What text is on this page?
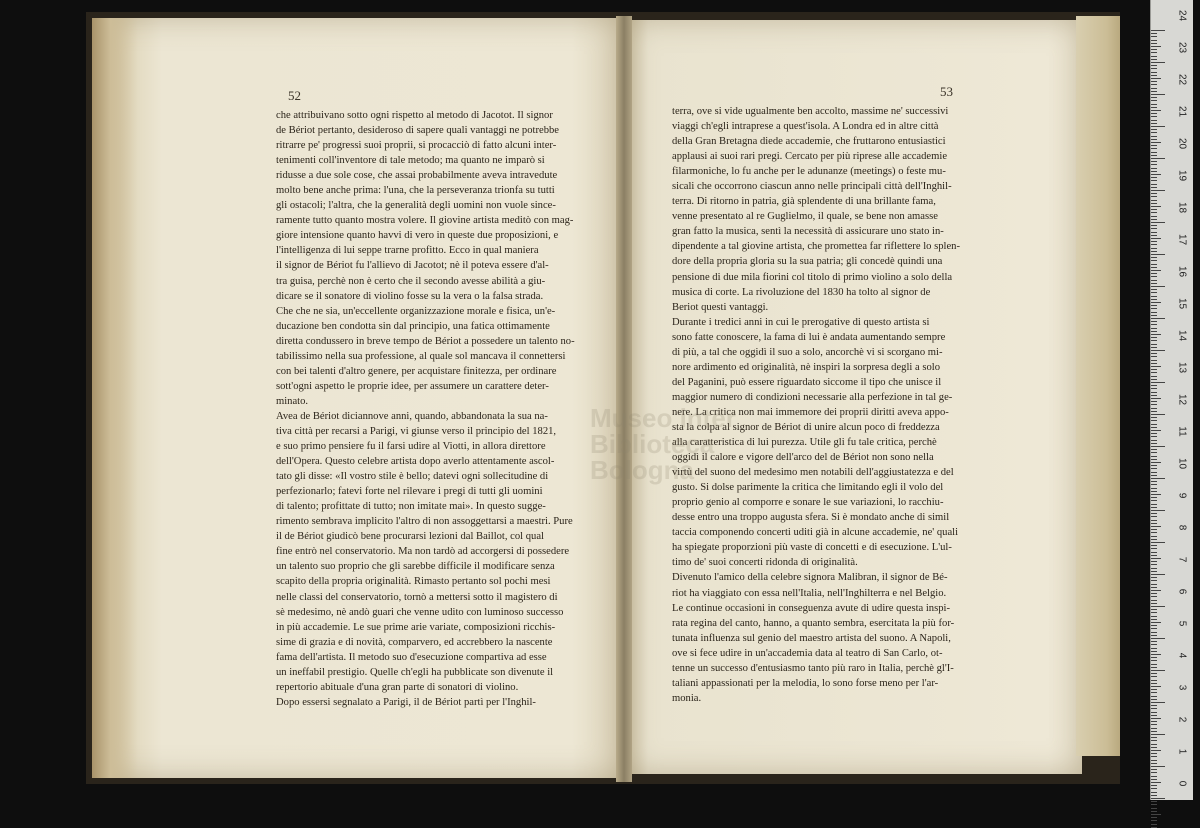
52	53
che attribuivano sotto ogni rispetto al metodo di Jacotot. Il signor
de Bériot pertanto, desideroso di sapere quali vantaggi ne potrebbe
ritrarre pe' progressi suoi proprii, si procacciò di fatto alcuni inter-
tenimenti coll'inventore di tale metodo; ma quanto ne imparò si
ridusse a due sole cose, che assai probabilmente aveva intravedute
molto bene anche prima: l'una, che la perseveranza trionfa su tutti
gli ostacoli; l'altra, che la generalità degli uomini non vuole since-
ramente tutto quanto mostra volere. Il giovine artista meditò con mag-
giore intensione quanto havvi di vero in queste due proposizioni, e
l'intelligenza di lui seppe trarne profitto. Ecco in qual maniera
il signor de Bériot fu l'allievo di Jacotot; nè il poteva essere d'al-
tra guisa, perchè non è certo che il secondo avesse abilità a giu-
dicare se il sonatore di violino fosse su la vera o la falsa strada.
Che che ne sia, un'eccellente organizzazione morale e fisica, un'e-
ducazione ben condotta sin dal principio, una fatica ottimamente
diretta condussero in breve tempo de Bériot a possedere un talento no-
tabilissimo nella sua professione, al quale sol mancava il connettersi
con bei talenti d'altro genere, per acquistare finitezza, per ordinare
sott'ogni aspetto le proprie idee, per assumere un carattere deter-
minato.
Avea de Bériot diciannove anni, quando, abbandonata la sua na-
tiva città per recarsi a Parigi, vi giunse verso il principio del 1821,
e suo primo pensiere fu il farsi udire al Viotti, in allora direttore
dell'Opera. Questo celebre artista dopo averlo attentamente ascol-
tato gli disse: «Il vostro stile è bello; datevi ogni sollecitudine di
perfezionarlo; fatevi forte nel rilevare i pregi di tutti gli uomini
di talento; profittate di tutto; non imitate mai». In questo sugge-
rimento sembrava implicito l'altro di non assoggettarsi a maestri. Pure
il de Bériot giudicò bene procurarsi lezioni dal Baillot, col qual
fine entrò nel conservatorio. Ma non tardò ad accorgersi di possedere
un talento suo proprio che gli sarebbe difficile il modificare senza
scapito della propria originalità. Rimasto pertanto sol pochi mesi
nelle classi del conservatorio, tornò a mettersi sotto il magistero di
sè medesimo, nè andò guari che venne udito con luminoso successo
in più accademie. Le sue prime arie variate, composizioni ricchis-
sime di grazia e di novità, comparvero, ed accrebbero la nascente
fama dell'artista. Il metodo suo d'esecuzione compartiva ad esse
un ineffabil prestigio. Quelle ch'egli ha pubblicate son divenute il
repertorio abituale d'una gran parte di sonatori di violino.
Dopo essersi segnalato a Parigi, il de Bériot partì per l'Inghil-
terra, ove si vide ugualmente ben accolto, massime ne' successivi
viaggi ch'egli intraprese a quest'isola. A Londra ed in altre città
della Gran Bretagna diede accademie, che fruttarono entusiastici
applausi ai suoi rari pregi. Cercato per più riprese alle accademie
filarmoniche, lo fu anche per le adunanze (meetings) o feste mu-
sicali che occorrono ciascun anno nelle principali città dell'Inghil-
terra. Di ritorno in patria, già splendente di una brillante fama,
venne presentato al re Guglielmo, il quale, se bene non amasse
gran fatto la musica, sentì la necessità di assicurare uno stato in-
dipendente a tal giovine artista, che promettea far riflettere lo splen-
dore della propria gloria su la sua patria; gli concedè quindi una
pensione di due mila fiorini col titolo di primo violino a solo della
musica di corte. La rivoluzione del 1830 ha tolto al signor de
Beriot questi vantaggi.
Durante i tredici anni in cui le prerogative di questo artista si
sono fatte conoscere, la fama di lui è andata aumentando sempre
di più, a tal che oggidì il suo a solo, ancorchè vi si scorgano mi-
nore ardimento ed originalità, nè inspiri la sorpresa degli a solo
del Paganini, può essere riguardato siccome il tipo che unisce il
maggior numero di condizioni necessarie alla perfezione in tal ge-
nere. La critica non mai immemore dei proprii diritti aveva appo-
sta la colpa al signor de Bériot di unire alcun poco di freddezza
alla caratteristica di lui purezza. Utile gli fu tale critica, perchè
oggidì il calore e vigore dell'arco del de Bériot non sono nella
virtù del suono del medesimo men notabili dell'aggiustatezza e del
gusto. Si dolse parimente la critica che limitando egli il volo del
proprio genio al comporre e sonare le sue variazioni, lo racchiu-
desse entro una troppo augusta sfera. Si è mondato anche di simil
taccia componendo concerti uditi già in alcune accademie, ne' quali
ha spiegate proporzioni più vaste di concetti e di esecuzione. L'ul-
timo de' suoi concerti ridonda di originalità.
Divenuto l'amico della celebre signora Malibran, il signor de Bé-
riot ha viaggiato con essa nell'Italia, nell'Inghilterra e nel Belgio.
Le continue occasioni in conseguenza avute di udire questa inspi-
rata regina del canto, hanno, a quanto sembra, esercitata la più for-
tunata influenza sul genio del maestro artista del suono. A Napoli,
ove si fece udire in un'accademia data al teatro di San Carlo, ot-
tenne un successo d'entusiasmo tanto più raro in Italia, perchè gl'I-
taliani appassionati per la melodia, lo sono forse meno per l'ar-
monia.
Museo inter
Biblioteca
Bologna
24
23
22
21
20
19
18
17
16
15
14
13
12
11
10
9
8
7
6
5
4
3
2
1
0
